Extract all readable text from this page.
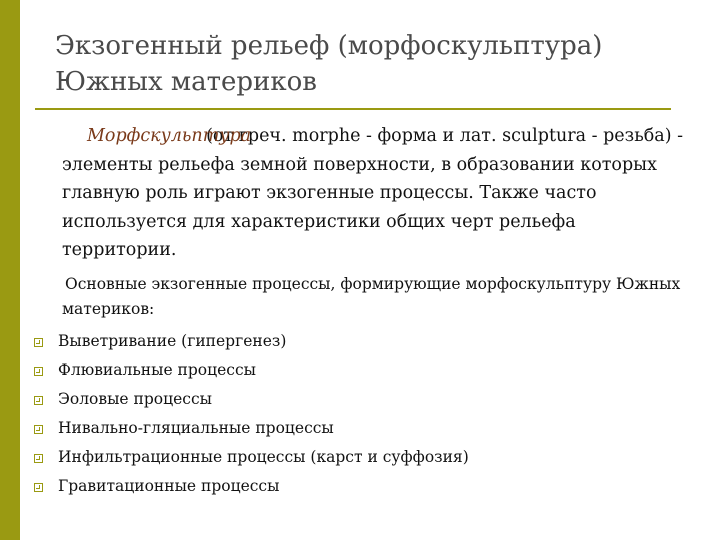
Экзогенный рельеф (морфоскульптура)
Южных материков

Морфскульптура(от греч. morphe - форма и лат. sculptura - резьба) - элементы рельефа земной поверхности, в образовании которых главную роль играют экзогенные процессы. Также часто используется для характеристики общих черт рельефа территории.

Основные экзогенные процессы, формирующие морфоскульптуру Южных материков:

Выветривание (гипергенез)
Флювиальные процессы
Эоловые процессы
Нивально-гляциальные процессы
Инфильтрационные процессы (карст и суффозия)
Гравитационные процессы
